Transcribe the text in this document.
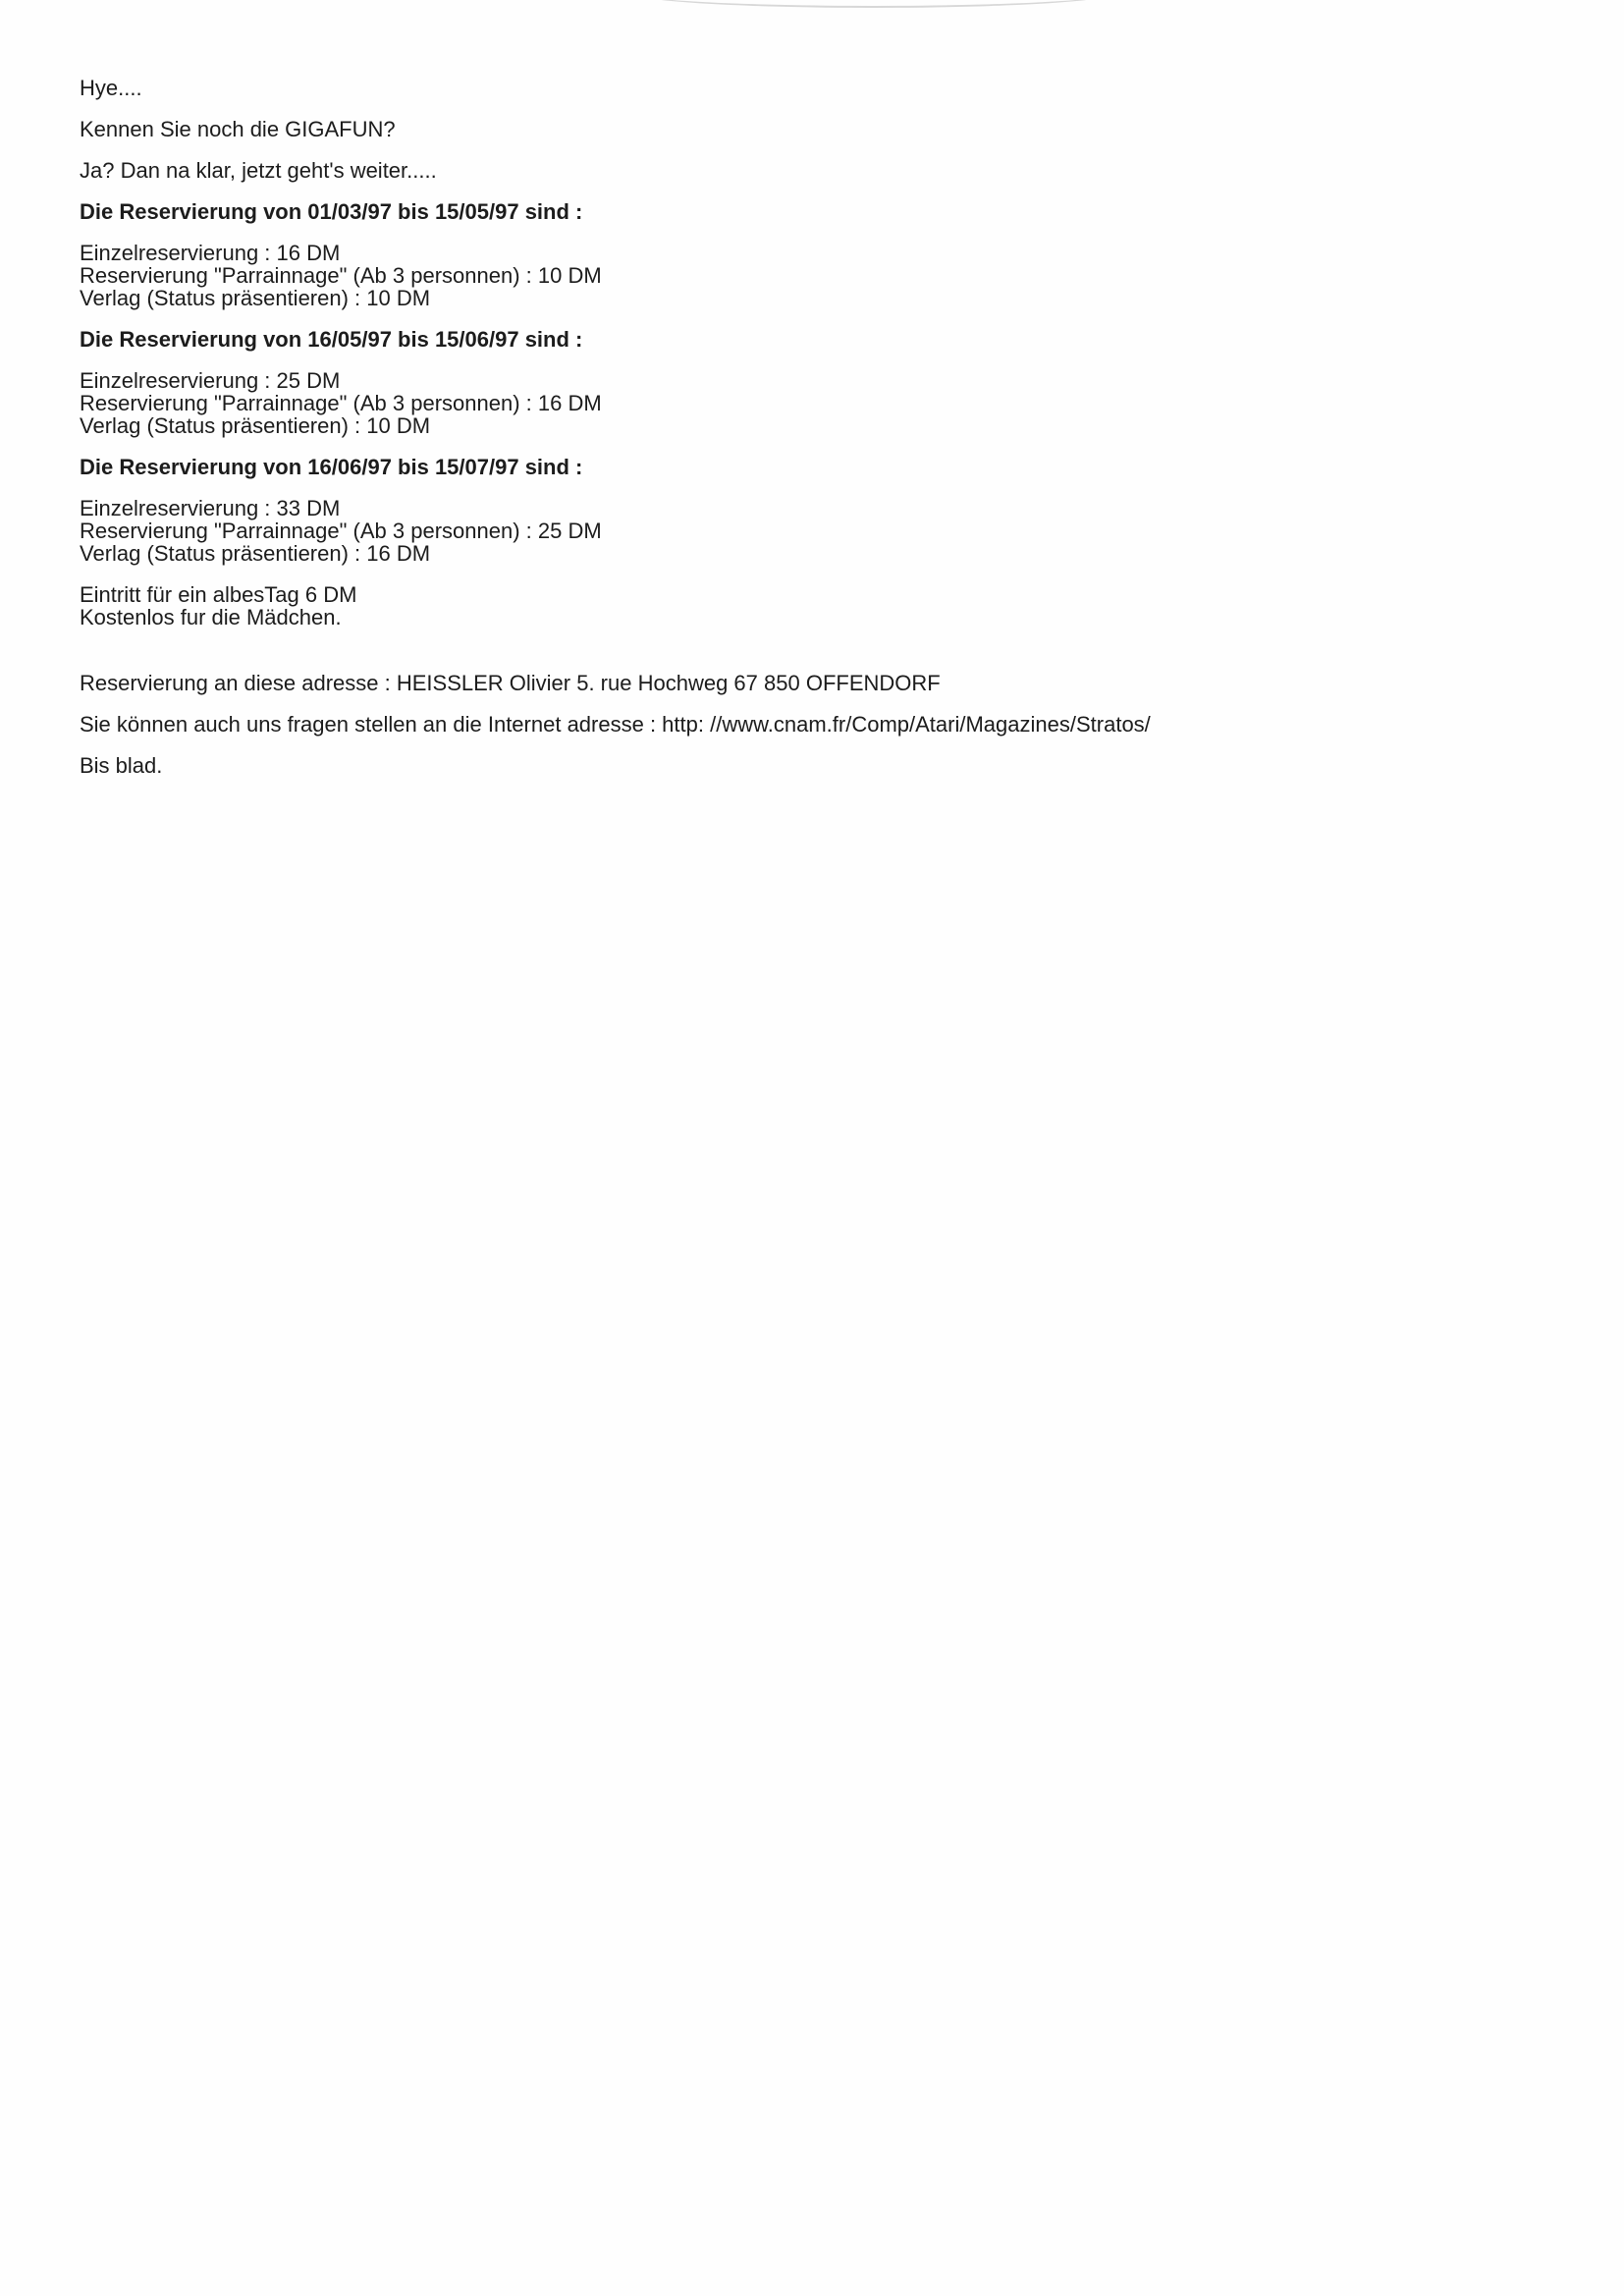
Hye....

Kennen Sie noch die GIGAFUN?

Ja? Dan na klar, jetzt geht's weiter.....

Die Reservierung von 01/03/97 bis 15/05/97 sind :

Einzelreservierung : 16 DM

Reservierung "Parrainnage" (Ab 3 personnen) : 10 DM

Verlag (Status präsentieren) : 10 DM

Die Reservierung von 16/05/97 bis 15/06/97 sind :

Einzelreservierung : 25 DM

Reservierung "Parrainnage" (Ab 3 personnen) : 16 DM

Verlag (Status präsentieren) : 10 DM

Die Reservierung von 16/06/97 bis 15/07/97 sind :

Einzelreservierung : 33 DM

Reservierung "Parrainnage" (Ab 3 personnen) : 25 DM

Verlag (Status präsentieren) : 16 DM

Eintritt für ein albesTag 6 DM

Kostenlos fur die Mädchen.

Reservierung an diese adresse : HEISSLER Olivier 5. rue Hochweg 67 850 OFFENDORF

Sie können auch uns fragen stellen an die Internet adresse : http: //www.cnam.fr/Comp/Atari/Magazines/Stratos/

Bis blad.
